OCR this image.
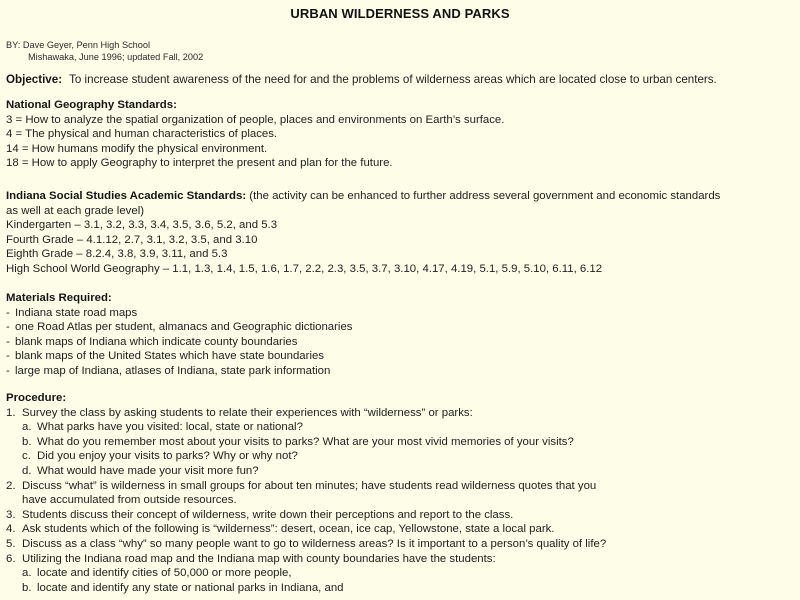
URBAN WILDERNESS AND PARKS
BY: Dave Geyer, Penn High School
Mishawaka, June 1996; updated Fall, 2002
Objective: To increase student awareness of the need for and the problems of wilderness areas which are located close to urban centers.
National Geography Standards:
3 = How to analyze the spatial organization of people, places and environments on Earth’s surface.
4 = The physical and human characteristics of places.
14 = How humans modify the physical environment.
18 = How to apply Geography to interpret the present and plan for the future.
Indiana Social Studies Academic Standards: (the activity can be enhanced to further address several government and economic standards
as well at each grade level)
Kindergarten – 3.1, 3.2, 3.3, 3.4, 3.5, 3.6, 5.2, and 5.3
Fourth Grade – 4.1.12, 2.7, 3.1, 3.2, 3.5, and 3.10
Eighth Grade – 8.2.4, 3.8, 3.9, 3.11, and 5.3
High School World Geography – 1.1, 1.3, 1.4, 1.5, 1.6, 1.7, 2.2, 2.3, 3.5, 3.7, 3.10, 4.17, 4.19, 5.1, 5.9, 5.10, 6.11, 6.12
Materials Required:
- Indiana state road maps
- one Road Atlas per student, almanacs and Geographic dictionaries
- blank maps of Indiana which indicate county boundaries
- blank maps of the United States which have state boundaries
- large map of Indiana, atlases of Indiana, state park information
Procedure:
1. Survey the class by asking students to relate their experiences with “wilderness” or parks:
a. What parks have you visited: local, state or national?
b. What do you remember most about your visits to parks? What are your most vivid memories of your visits?
c. Did you enjoy your visits to parks? Why or why not?
d. What would have made your visit more fun?
2. Discuss “what” is wilderness in small groups for about ten minutes; have students read wilderness quotes that you
have accumulated from outside resources.
3. Students discuss their concept of wilderness, write down their perceptions and report to the class.
4. Ask students which of the following is “wilderness”: desert, ocean, ice cap, Yellowstone, state a local park.
5. Discuss as a class “why” so many people want to go to wilderness areas? Is it important to a person’s quality of life?
6. Utilizing the Indiana road map and the Indiana map with county boundaries have the students:
a. locate and identify cities of 50,000 or more people,
b. locate and identify any state or national parks in Indiana, and
